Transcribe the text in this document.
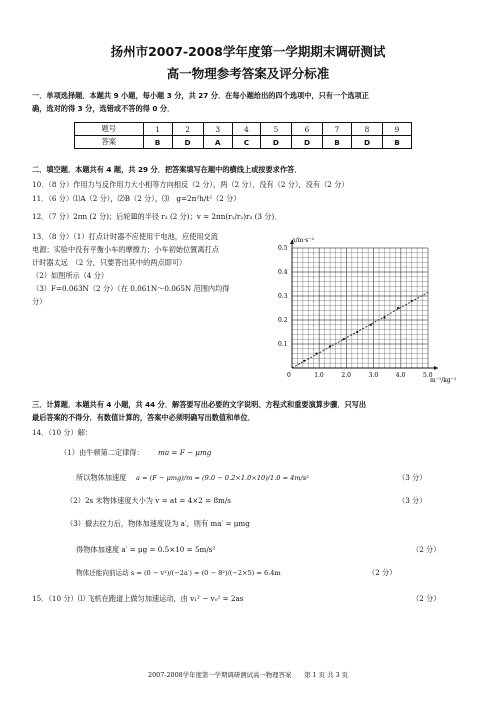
扬州市2007-2008学年度第一学期期末调研测试
高一物理参考答案及评分标准
一．单项选择题．本题共 9 小题，每小题 3 分，共 27 分．在每小题给出的四个选项中，只有一个选项正
确，选对的得 3 分，选错或不答的得 0 分．
题号	1	2	3	4	5	6	7	8	9
答案	B	D	A	C	D	D	B	D	B
二．填空题．本题共有 4 题，共 29 分．把答案填写在题中的横线上或按要求作答．
10．（8 分）作用力与反作用力大小相等方向相反（2 分），两（2 分），没有（2 分），没有（2 分）
11．（6 分）⑴A（2 分），⑵B（2 分），⑶　g=2π²h/t²（2 分）
12．（7 分）2πn (2 分)；后轮Ⅲ的半径 r₃ (2 分)；v = 2πn(r₁/r₂)r₃ (3 分)．
13．（8 分）（1）打点计时器不应使用干电池，应使用交流
电源；实验中没有平衡小车的摩擦力；小车初始位置离打点
计时器太远　（2 分，只要答出其中的两点即可）
（2）如图所示（4 分）
（3）F=0.063N（2 分）（在 0.061N～0.065N 范围内均得
分）
0	1.0	2.0	3.0	4.0	5.0
0.1
0.2
0.3
0.4
0.5
a/m·s⁻²
m⁻¹/kg⁻¹
三．计算题．本题共有 4 小题，共 44 分．解答要写出必要的文字说明、方程式和重要演算步骤．只写出
最后答案的不得分．有数值计算的，答案中必须明确写出数值和单位．
14．（10 分）解：
（1）由牛顿第二定律得： ma = F − μmg
所以物体加速度 a = (F − μmg)/m = (9.0 − 0.2×1.0×10)/1.0 = 4m/s²	（3 分）
（2）2s 末物体速度大小为 v = at = 4×2 = 8m/s	（3 分）
（3）撤去拉力后，物体加速度设为 a′，则有 ma′ = μmg
得物体加速度 a′ = μg = 0.5×10 = 5m/s²	（2 分）
物体还能向前运动 s = (0 − v²)/(−2a′) = (0 − 8²)/(−2×5) = 6.4m	（2 分）
15．（10 分）⑴ 飞机在跑道上做匀加速运动，由 v₁² − v₀² = 2as	（2 分）
2007-2008学年度第一学期调研测试高一物理答案　　第 1 页 共 3 页
